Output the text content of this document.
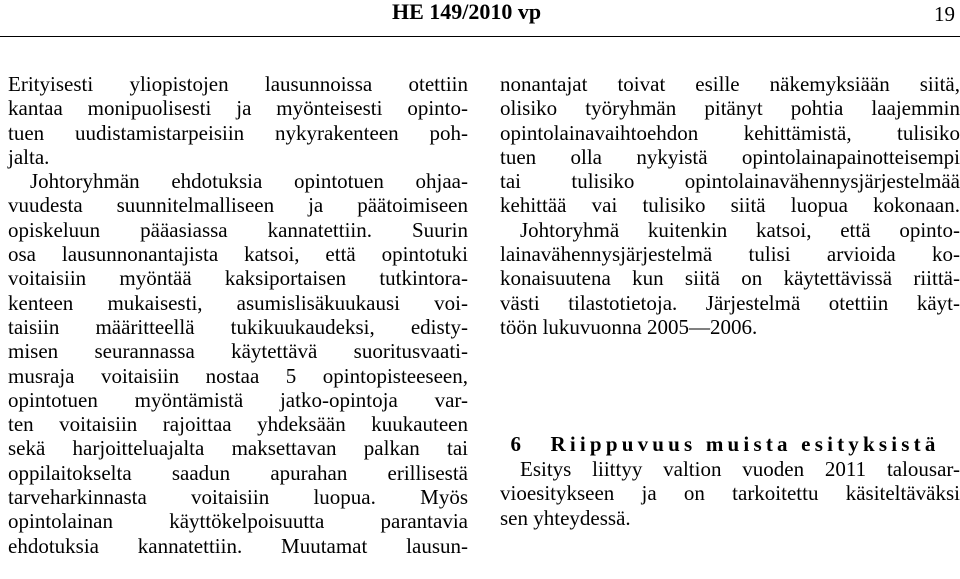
HE 149/2010 vp	19
Erityisesti yliopistojen lausunnoissa otettiin
kantaa monipuolisesti ja myönteisesti opinto-
tuen uudistamistarpeisiin nykyrakenteen poh-
jalta.
Johtoryhmän ehdotuksia opintotuen ohjaa-
vuudesta suunnitelmalliseen ja päätoimiseen
opiskeluun pääasiassa kannatettiin. Suurin
osa lausunnonantajista katsoi, että opintotuki
voitaisiin myöntää kaksiportaisen tutkintora-
kenteen mukaisesti, asumislisäkuukausi voi-
taisiin määritteellä tukikuukaudeksi, edisty-
misen seurannassa käytettävä suoritusvaati-
musraja voitaisiin nostaa 5 opintopisteeseen,
opintotuen myöntämistä jatko-opintoja var-
ten voitaisiin rajoittaa yhdeksään kuukauteen
sekä harjoitteluajalta maksettavan palkan tai
oppilaitokselta saadun apurahan erillisestä
tarveharkinnasta voitaisiin luopua. Myös
opintolainan käyttökelpoisuutta parantavia
ehdotuksia kannatettiin. Muutamat lausun-
nonantajat toivat esille näkemyksiään siitä,
olisiko työryhmän pitänyt pohtia laajemmin
opintolainavaihtoehdon kehittämistä, tulisiko
tuen olla nykyistä opintolainapainotteisempi
tai tulisiko opintolainavähennysjärjestelmää
kehittää vai tulisiko siitä luopua kokonaan.
Johtoryhmä kuitenkin katsoi, että opinto-
lainavähennysjärjestelmä tulisi arvioida ko-
konaisuutena kun siitä on käytettävissä riittä-
västi tilastotietoja. Järjestelmä otettiin käyt-
töön lukuvuonna 2005—2006.

6 Riippuvuus muista esityksistä

Esitys liittyy valtion vuoden 2011 talousar-
vioesitykseen ja on tarkoitettu käsiteltäväksi
sen yhteydessä.
